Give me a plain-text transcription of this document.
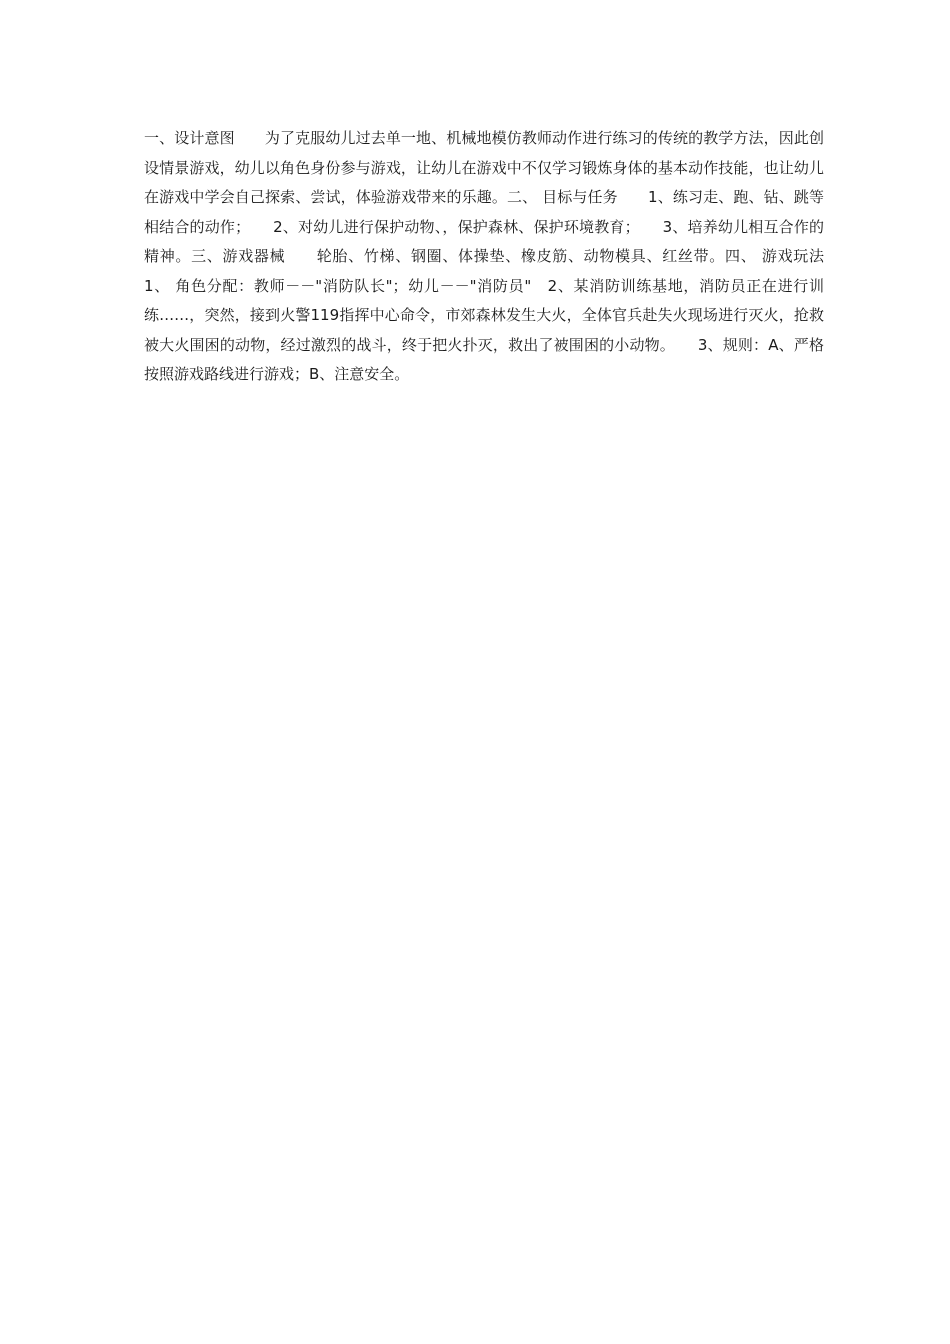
一、设计意图　　为了克服幼儿过去单一地、机械地模仿教师动作进行练习的传统的教学方法，因此创设情景游戏，幼儿以角色身份参与游戏，让幼儿在游戏中不仅学习锻炼身体的基本动作技能，也让幼儿在游戏中学会自己探索、尝试，体验游戏带来的乐趣。二、 目标与任务　　1、练习走、跑、钻、跳等相结合的动作；　　2、对幼儿进行保护动物、，保护森林、保护环境教育；　　3、培养幼儿相互合作的精神。三、游戏器械　　轮胎、竹梯、钢圈、体操垫、橡皮筋、动物模具、红丝带。四、 游戏玩法　　1、 角色分配：教师－－"消防队长"；幼儿－－"消防员"　2、某消防训练基地，消防员正在进行训练……，突然，接到火警119指挥中心命令，市郊森林发生大火，全体官兵赴失火现场进行灭火，抢救被大火围困的动物，经过激烈的战斗，终于把火扑灭，救出了被围困的小动物。　　3、规则：A、严格按照游戏路线进行游戏；B、注意安全。
